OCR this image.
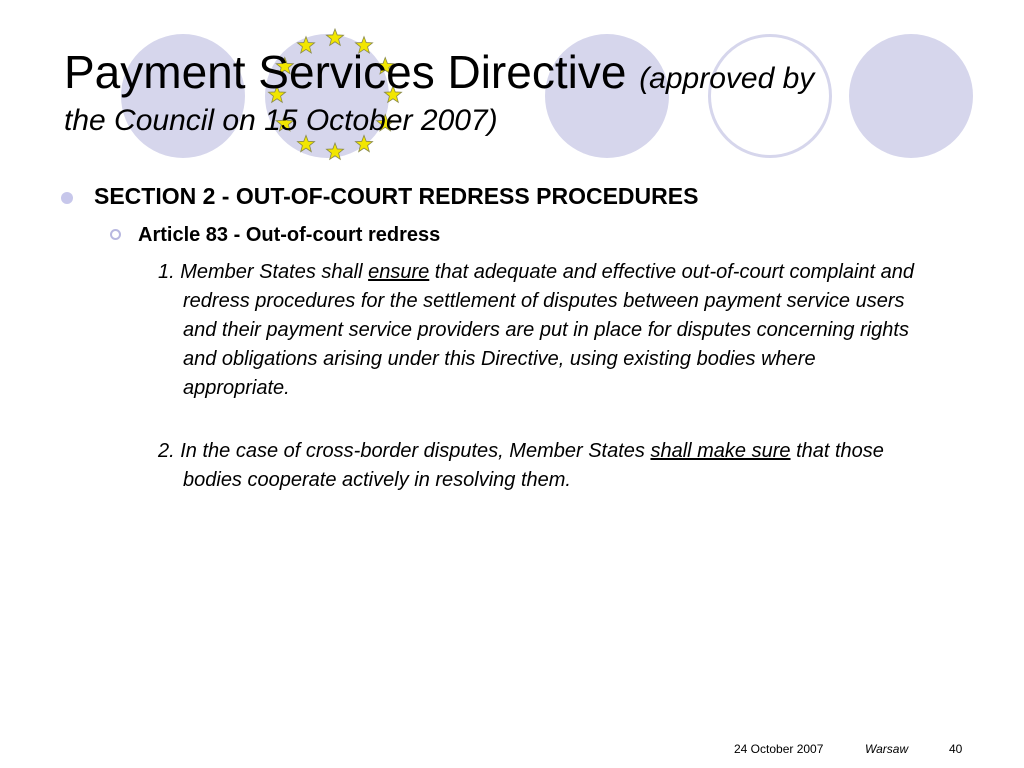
Payment Services Directive (approved by
the Council on 15 October 2007)
SECTION 2 - OUT-OF-COURT REDRESS PROCEDURES
Article 83 - Out-of-court redress
1. Member States shall ensure that adequate and effective out-of-court complaint and redress procedures for the settlement of disputes between payment service users and their payment service providers are put in place for disputes concerning rights and obligations arising under this Directive, using existing bodies where appropriate.
2. In the case of cross-border disputes, Member States shall make sure that those bodies cooperate actively in resolving them.
24 October 2007	Warsaw	40
